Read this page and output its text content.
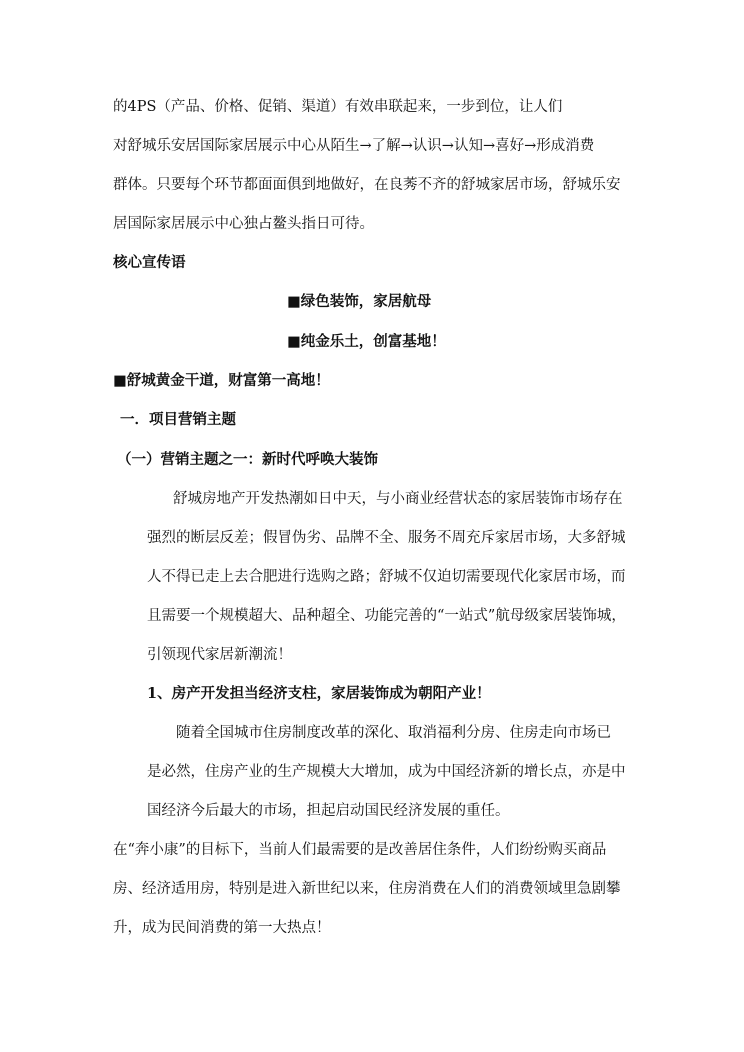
的4PS（产品、价格、促销、渠道）有效串联起来，一步到位，让人们
对舒城乐安居国际家居展示中心从陌生→了解→认识→认知→喜好→形成消费
群体。只要每个环节都面面俱到地做好，在良莠不齐的舒城家居市场，舒城乐安
居国际家居展示中心独占鳌头指日可待。
核心宣传语
■绿色装饰，家居航母
■纯金乐土，创富基地！
■舒城黄金干道，财富第一高地！
一．项目营销主题
（一）营销主题之一：新时代呼唤大装饰
舒城房地产开发热潮如日中天，与小商业经营状态的家居装饰市场存在
强烈的断层反差；假冒伪劣、品牌不全、服务不周充斥家居市场，大多舒城
人不得已走上去合肥进行选购之路；舒城不仅迫切需要现代化家居市场，而
且需要一个规模超大、品种超全、功能完善的“一站式”航母级家居装饰城，
引领现代家居新潮流！
1、房产开发担当经济支柱，家居装饰成为朝阳产业！
随着全国城市住房制度改革的深化、取消福利分房、住房走向市场已
是必然，住房产业的生产规模大大增加，成为中国经济新的增长点，亦是中
国经济今后最大的市场，担起启动国民经济发展的重任。
在“奔小康”的目标下，当前人们最需要的是改善居住条件，人们纷纷购买商品
房、经济适用房，特别是进入新世纪以来，住房消费在人们的消费领域里急剧攀
升，成为民间消费的第一大热点！
